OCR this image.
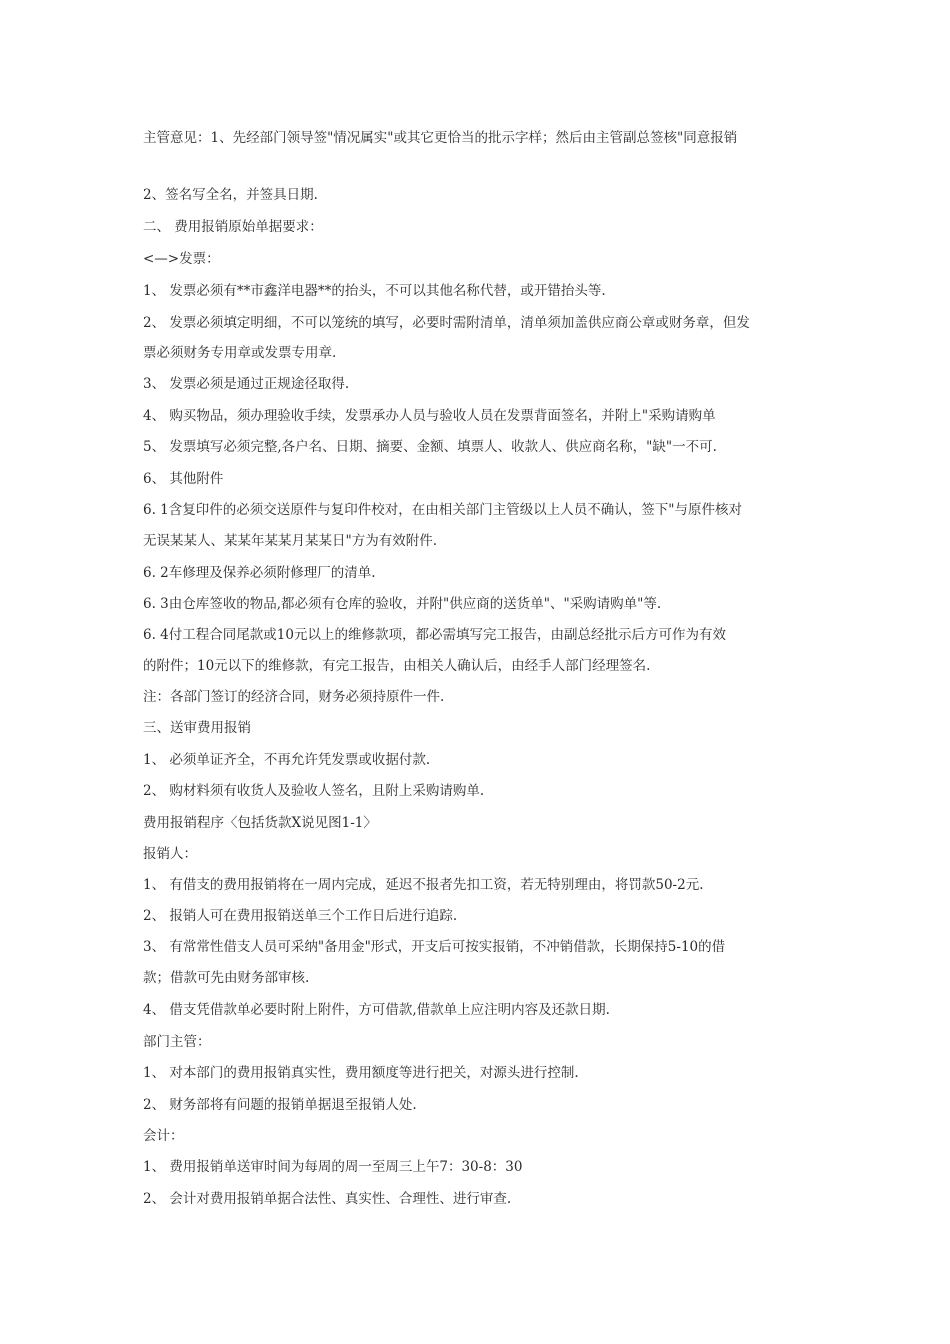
主管意见：1、先经部门领导签"情况属实"或其它更恰当的批示字样；然后由主管副总签核"同意报销
2、签名写全名，并签具日期.
二、 费用报销原始单据要求：
<—>发票：
1、 发票必须有**市鑫洋电器**的抬头，不可以其他名称代替，或开错抬头等.
2、 发票必须填定明细，不可以笼统的填写，必要时需附清单，清单须加盖供应商公章或财务章，但发
票必须财务专用章或发票专用章.
3、 发票必须是通过正规途径取得.
4、 购买物品，须办理验收手续，发票承办人员与验收人员在发票背面签名，并附上"采购请购单
5、 发票填写必须完整,各户名、日期、摘要、金额、填票人、收款人、供应商名称，"缺"一不可.
6、 其他附件
6. 1含复印件的必须交送原件与复印件校对，在由相关部门主管级以上人员不确认，签下"与原件核对
无误某某人、某某年某某月某某日"方为有效附件.
6. 2车修理及保养必须附修理厂的清单.
6. 3由仓库签收的物品,都必须有仓库的验收，并附"供应商的送货单"、"采购请购单"等.
6. 4付工程合同尾款或10元以上的维修款项，都必需填写完工报告，由副总经批示后方可作为有效
的附件；10元以下的维修款，有完工报告，由相关人确认后，由经手人部门经理签名.
注：各部门签订的经济合同，财务必须持原件一件.
三、送审费用报销
1、 必须单证齐全，不再允许凭发票或收据付款.
2、 购材料须有收货人及验收人签名，且附上采购请购单.
费用报销程序〈包括货款X说见图1-1〉
报销人：
1、 有借支的费用报销将在一周内完成，延迟不报者先扣工资，若无特别理由，将罚款50-2元.
2、 报销人可在费用报销送单三个工作日后进行追踪.
3、 有常常性借支人员可采纳"备用金"形式，开支后可按实报销，不冲销借款，长期保持5-10的借
款；借款可先由财务部审核.
4、 借支凭借款单必要时附上附件，方可借款,借款单上应注明内容及还款日期.
部门主管：
1、 对本部门的费用报销真实性，费用额度等进行把关，对源头进行控制.
2、 财务部将有问题的报销单据退至报销人处.
会计：
1、 费用报销单送审时间为每周的周一至周三上午7：30-8：30
2、 会计对费用报销单据合法性、真实性、合理性、进行审查.
